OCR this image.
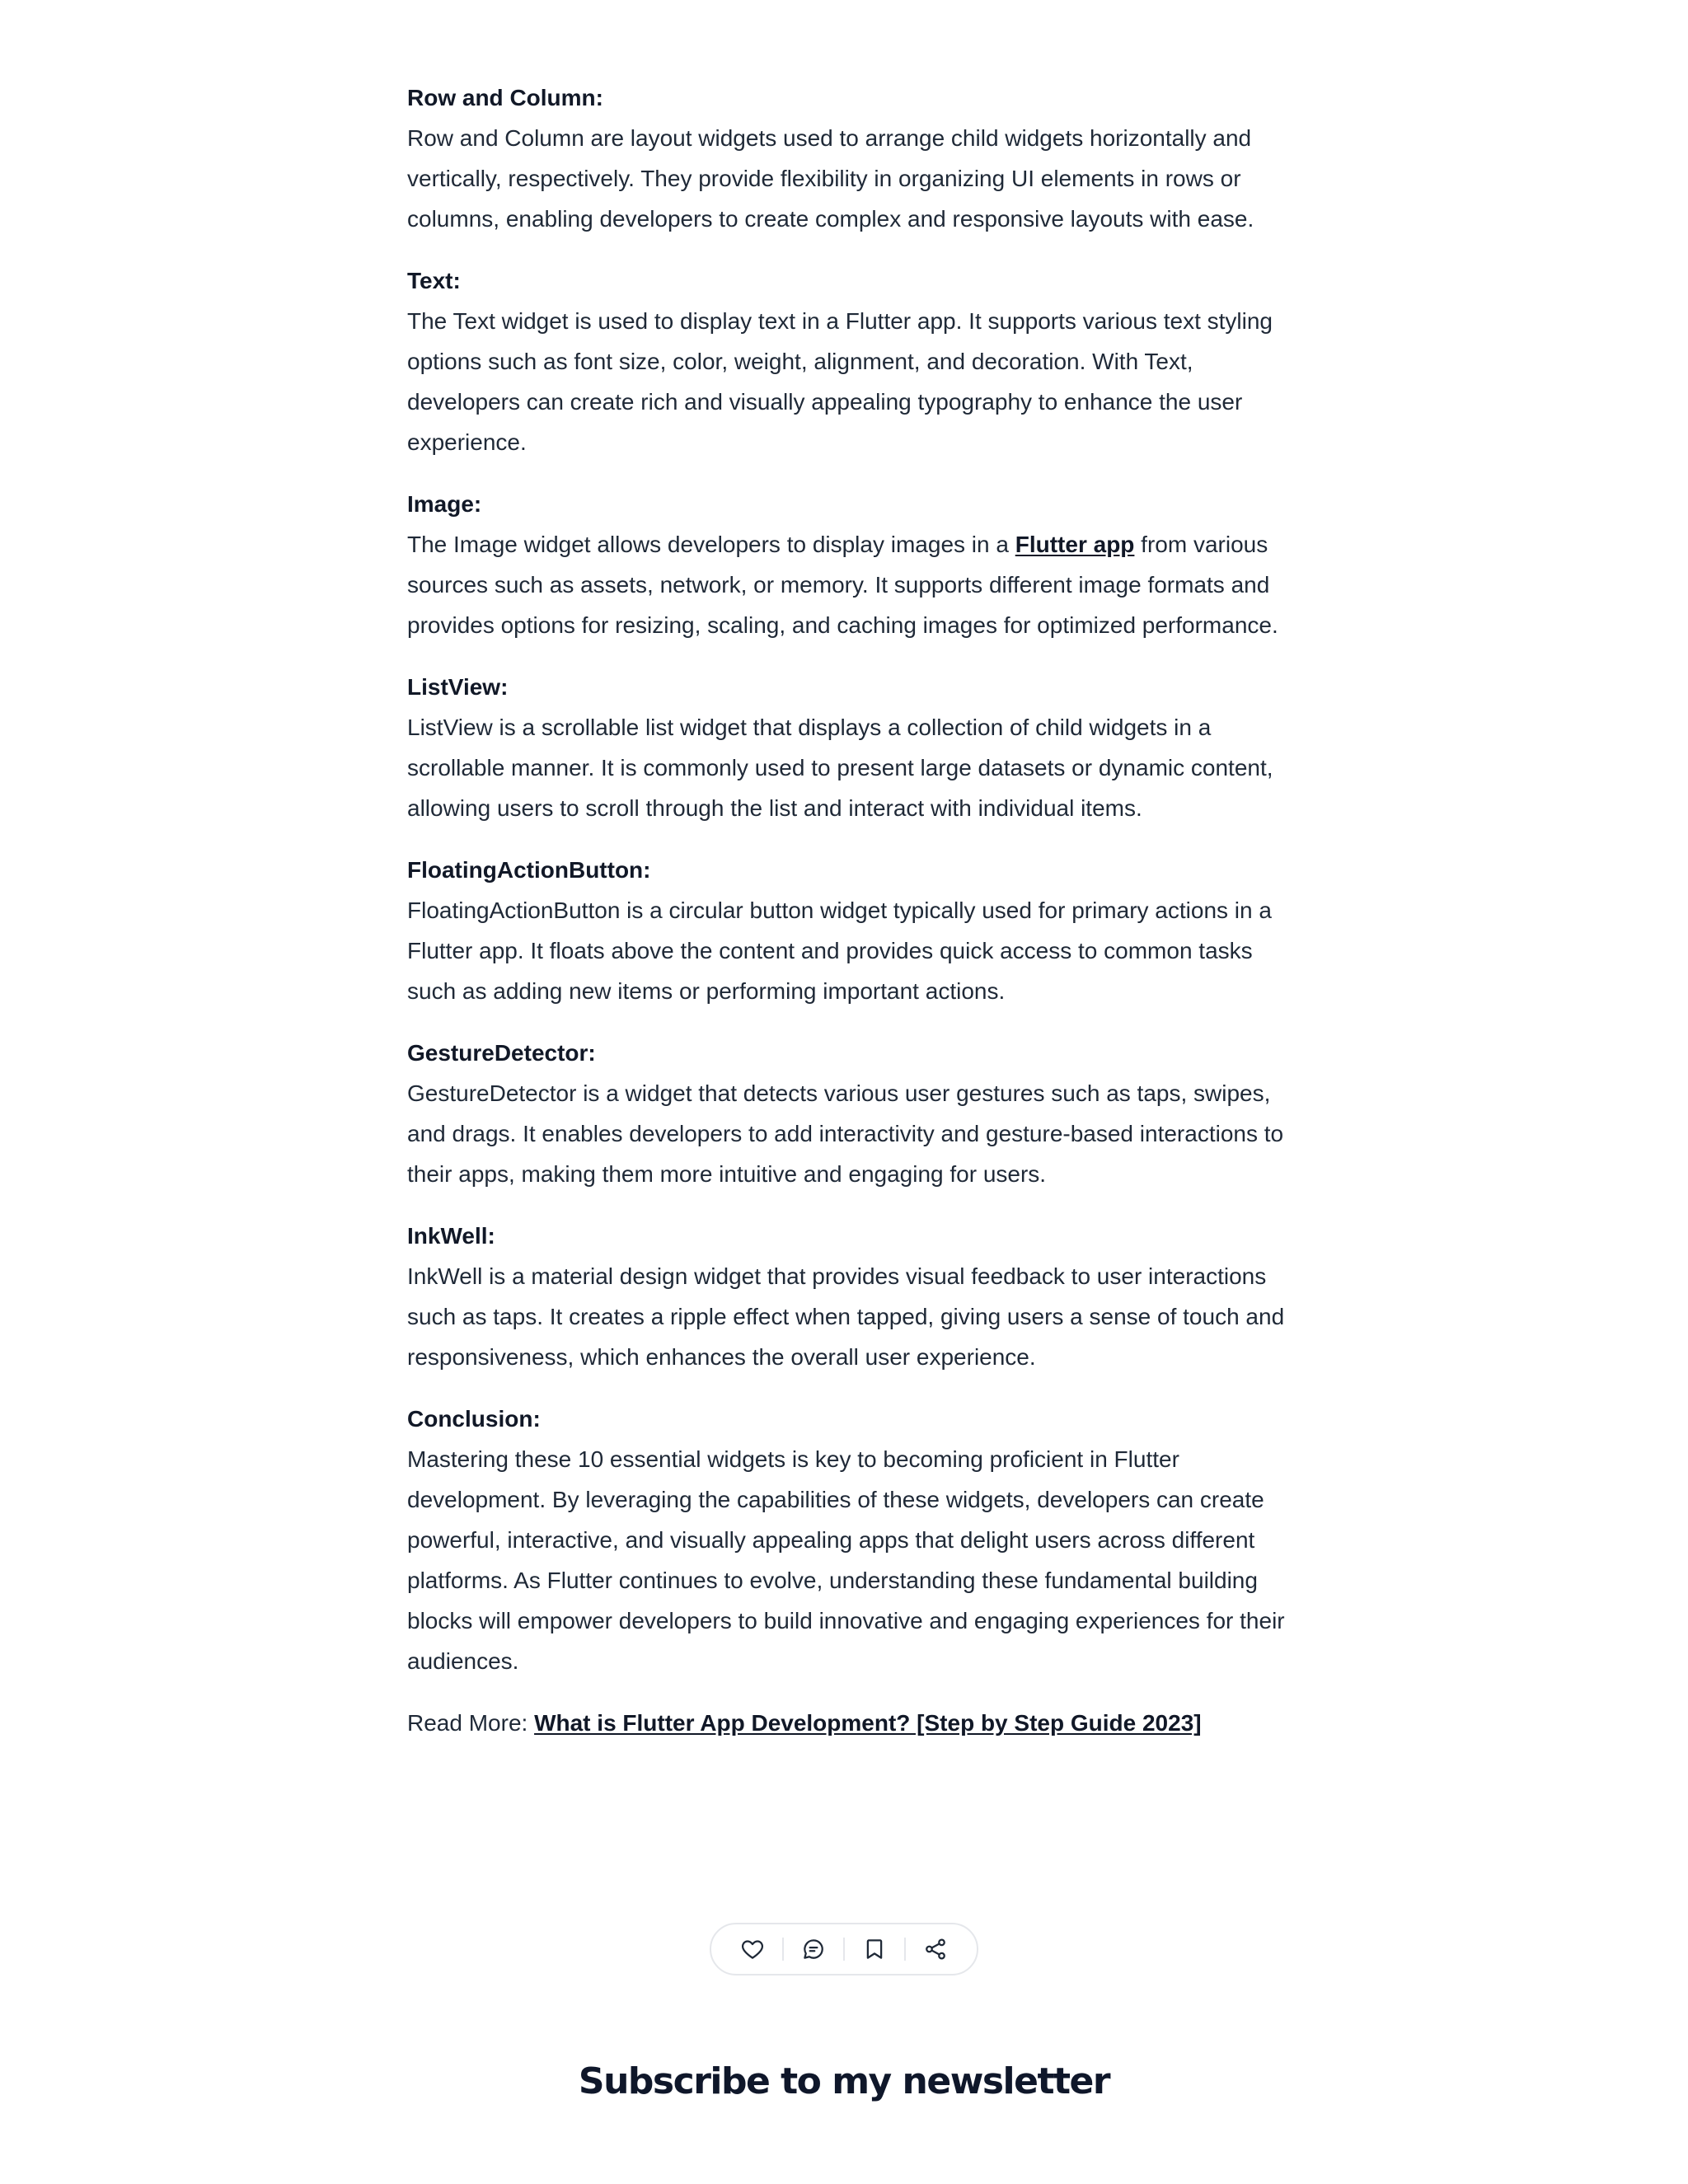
Row and Column:

Row and Column are layout widgets used to arrange child widgets horizontally and vertically, respectively. They provide flexibility in organizing UI elements in rows or columns, enabling developers to create complex and responsive layouts with ease.

Text:

The Text widget is used to display text in a Flutter app. It supports various text styling options such as font size, color, weight, alignment, and decoration. With Text, developers can create rich and visually appealing typography to enhance the user experience.

Image:

The Image widget allows developers to display images in a Flutter app from various sources such as assets, network, or memory. It supports different image formats and provides options for resizing, scaling, and caching images for optimized performance.

ListView:

ListView is a scrollable list widget that displays a collection of child widgets in a scrollable manner. It is commonly used to present large datasets or dynamic content, allowing users to scroll through the list and interact with individual items.

FloatingActionButton:

FloatingActionButton is a circular button widget typically used for primary actions in a Flutter app. It floats above the content and provides quick access to common tasks such as adding new items or performing important actions.

GestureDetector:

GestureDetector is a widget that detects various user gestures such as taps, swipes, and drags. It enables developers to add interactivity and gesture-based interactions to their apps, making them more intuitive and engaging for users.

InkWell:

InkWell is a material design widget that provides visual feedback to user interactions such as taps. It creates a ripple effect when tapped, giving users a sense of touch and responsiveness, which enhances the overall user experience.

Conclusion:

Mastering these 10 essential widgets is key to becoming proficient in Flutter development. By leveraging the capabilities of these widgets, developers can create powerful, interactive, and visually appealing apps that delight users across different platforms. As Flutter continues to evolve, understanding these fundamental building blocks will empower developers to build innovative and engaging experiences for their audiences.

Read More: What is Flutter App Development? [Step by Step Guide 2023]

Subscribe to my newsletter
